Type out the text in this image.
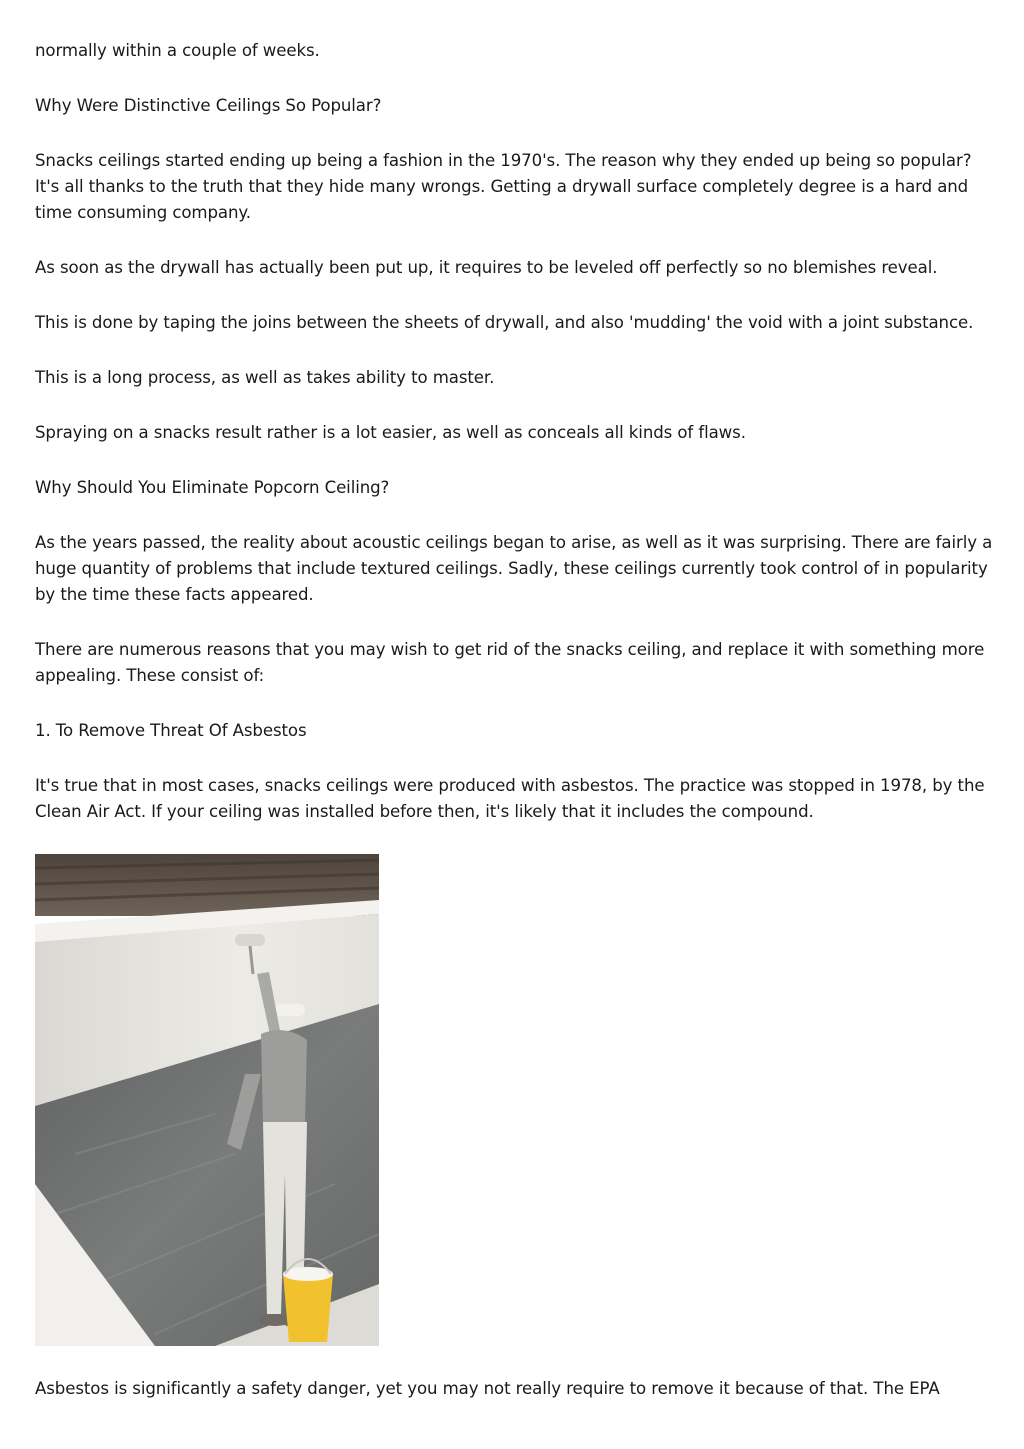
normally within a couple of weeks.

Why Were Distinctive Ceilings So Popular?

Snacks ceilings started ending up being a fashion in the 1970's. The reason why they ended up being so popular? It's all thanks to the truth that they hide many wrongs. Getting a drywall surface completely degree is a hard and time consuming company.

As soon as the drywall has actually been put up, it requires to be leveled off perfectly so no blemishes reveal.

This is done by taping the joins between the sheets of drywall, and also 'mudding' the void with a joint substance.

This is a long process, as well as takes ability to master.

Spraying on a snacks result rather is a lot easier, as well as conceals all kinds of flaws.

Why Should You Eliminate Popcorn Ceiling?

As the years passed, the reality about acoustic ceilings began to arise, as well as it was surprising. There are fairly a huge quantity of problems that include textured ceilings. Sadly, these ceilings currently took control of in popularity by the time these facts appeared.

There are numerous reasons that you may wish to get rid of the snacks ceiling, and replace it with something more appealing. These consist of:

1. To Remove Threat Of Asbestos

It's true that in most cases, snacks ceilings were produced with asbestos. The practice was stopped in 1978, by the Clean Air Act. If your ceiling was installed before then, it's likely that it includes the compound.

Asbestos is significantly a safety danger, yet you may not really require to remove it because of that. The EPA
